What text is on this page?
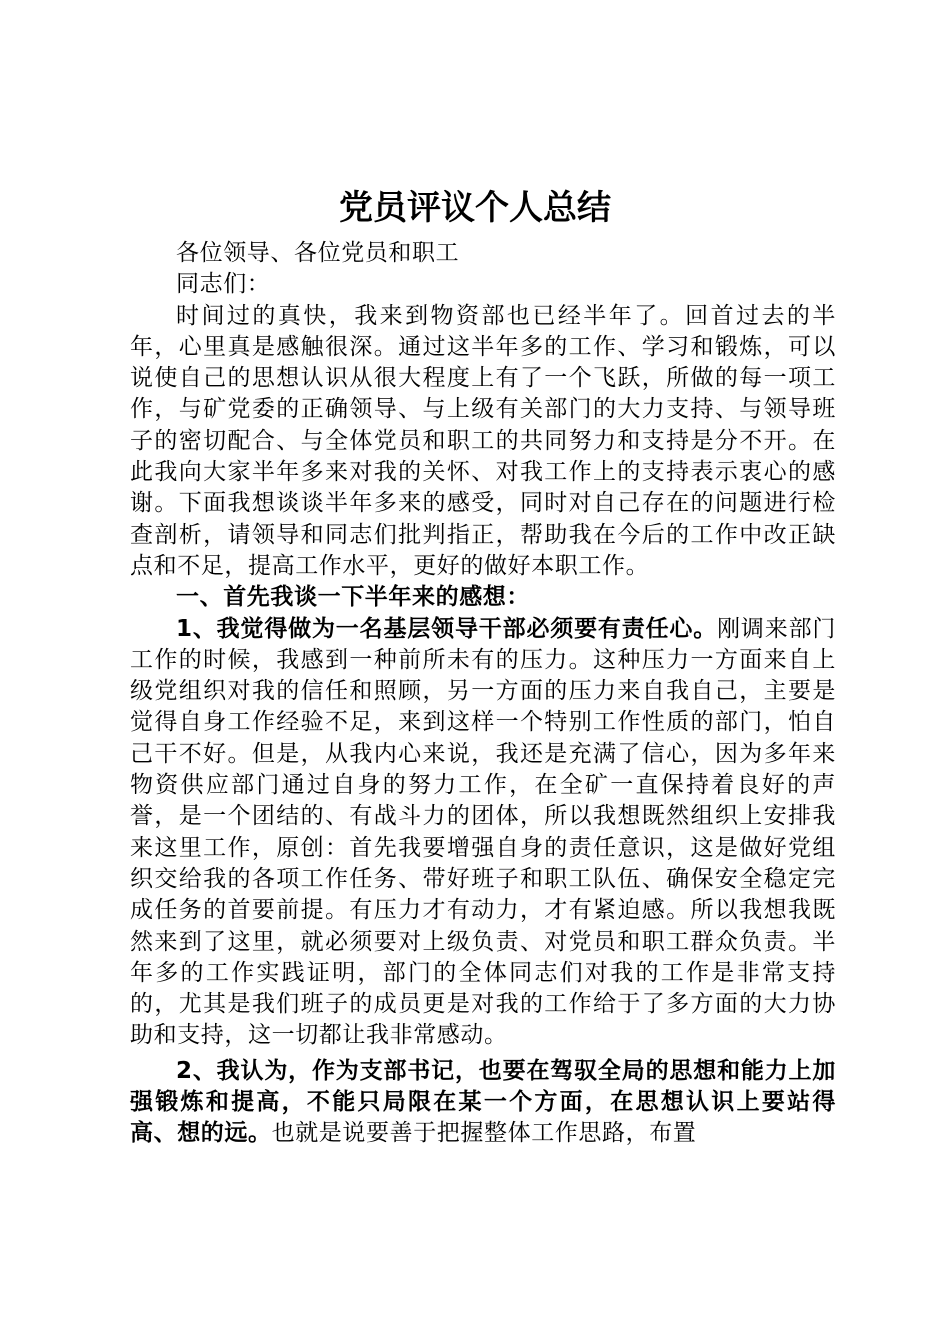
党员评议个人总结

各位领导、各位党员和职工

同志们：

时间过的真快，我来到物资部也已经半年了。回首过去的半年，心里真是感触很深。通过这半年多的工作、学习和锻炼，可以说使自己的思想认识从很大程度上有了一个飞跃，所做的每一项工作，与矿党委的正确领导、与上级有关部门的大力支持、与领导班子的密切配合、与全体党员和职工的共同努力和支持是分不开。在此我向大家半年多来对我的关怀、对我工作上的支持表示衷心的感谢。下面我想谈谈半年多来的感受，同时对自己存在的问题进行检查剖析，请领导和同志们批判指正，帮助我在今后的工作中改正缺点和不足，提高工作水平，更好的做好本职工作。

一、首先我谈一下半年来的感想：

1、我觉得做为一名基层领导干部必须要有责任心。刚调来部门工作的时候，我感到一种前所未有的压力。这种压力一方面来自上级党组织对我的信任和照顾，另一方面的压力来自我自己，主要是觉得自身工作经验不足，来到这样一个特别工作性质的部门，怕自己干不好。但是，从我内心来说，我还是充满了信心，因为多年来物资供应部门通过自身的努力工作，在全矿一直保持着良好的声誉，是一个团结的、有战斗力的团体，所以我想既然组织上安排我来这里工作，原创：首先我要增强自身的责任意识，这是做好党组织交给我的各项工作任务、带好班子和职工队伍、确保安全稳定完成任务的首要前提。有压力才有动力，才有紧迫感。所以我想我既然来到了这里，就必须要对上级负责、对党员和职工群众负责。半年多的工作实践证明，部门的全体同志们对我的工作是非常支持的，尤其是我们班子的成员更是对我的工作给于了多方面的大力协助和支持，这一切都让我非常感动。

2、我认为，作为支部书记，也要在驾驭全局的思想和能力上加强锻炼和提高，不能只局限在某一个方面，在思想认识上要站得高、想的远。也就是说要善于把握整体工作思路，布置
